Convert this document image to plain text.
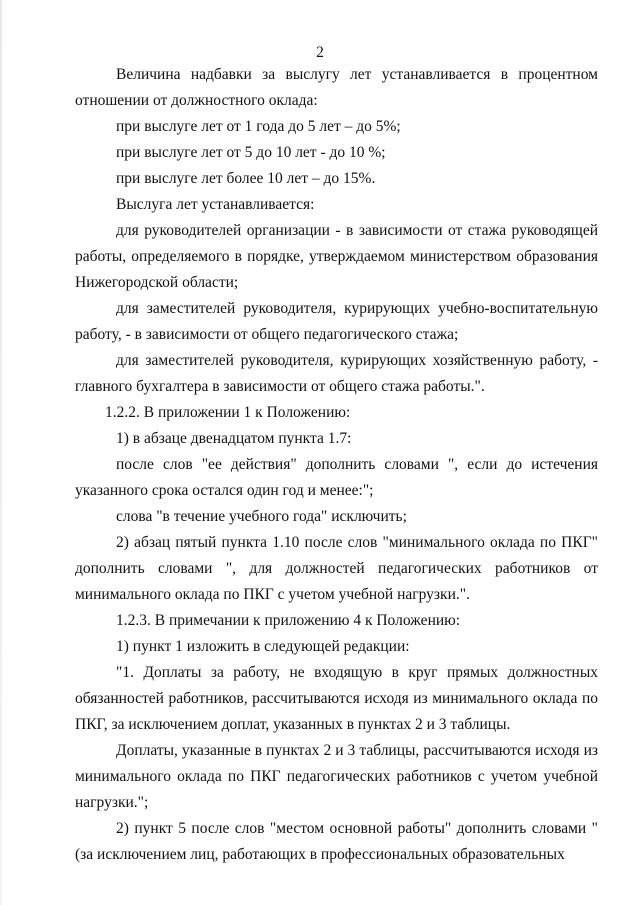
2

Величина надбавки за выслугу лет устанавливается в процентном отношении от должностного оклада:

при выслуге лет от 1 года до 5 лет – до 5%;

при выслуге лет от 5 до 10 лет - до 10 %;

при выслуге лет более 10 лет – до 15%.

Выслуга лет устанавливается:

для руководителей организации - в зависимости от стажа руководящей работы, определяемого в порядке, утверждаемом министерством образования Нижегородской области;

для заместителей руководителя, курирующих учебно-воспитательную работу, - в зависимости от общего педагогического стажа;

для заместителей руководителя, курирующих хозяйственную работу, - главного бухгалтера в зависимости от общего стажа работы.".

1.2.2. В приложении 1 к Положению:

1) в абзаце двенадцатом пункта 1.7:

после слов "ее действия" дополнить словами ", если до истечения указанного срока остался один год и менее:";

слова "в течение учебного года" исключить;

2) абзац пятый пункта 1.10 после слов "минимального оклада по ПКГ" дополнить словами ", для должностей педагогических работников от минимального оклада по ПКГ с учетом учебной нагрузки.".

1.2.3. В примечании к приложению 4 к Положению:

1) пункт 1 изложить в следующей редакции:

"1. Доплаты за работу, не входящую в круг прямых должностных обязанностей работников, рассчитываются исходя из минимального оклада по ПКГ, за исключением доплат, указанных в пунктах 2 и 3 таблицы.

Доплаты, указанные в пунктах 2 и 3 таблицы, рассчитываются исходя из минимального оклада по ПКГ педагогических работников с учетом учебной нагрузки.";

2) пункт 5 после слов "местом основной работы" дополнить словами "(за исключением лиц, работающих в профессиональных образовательных
